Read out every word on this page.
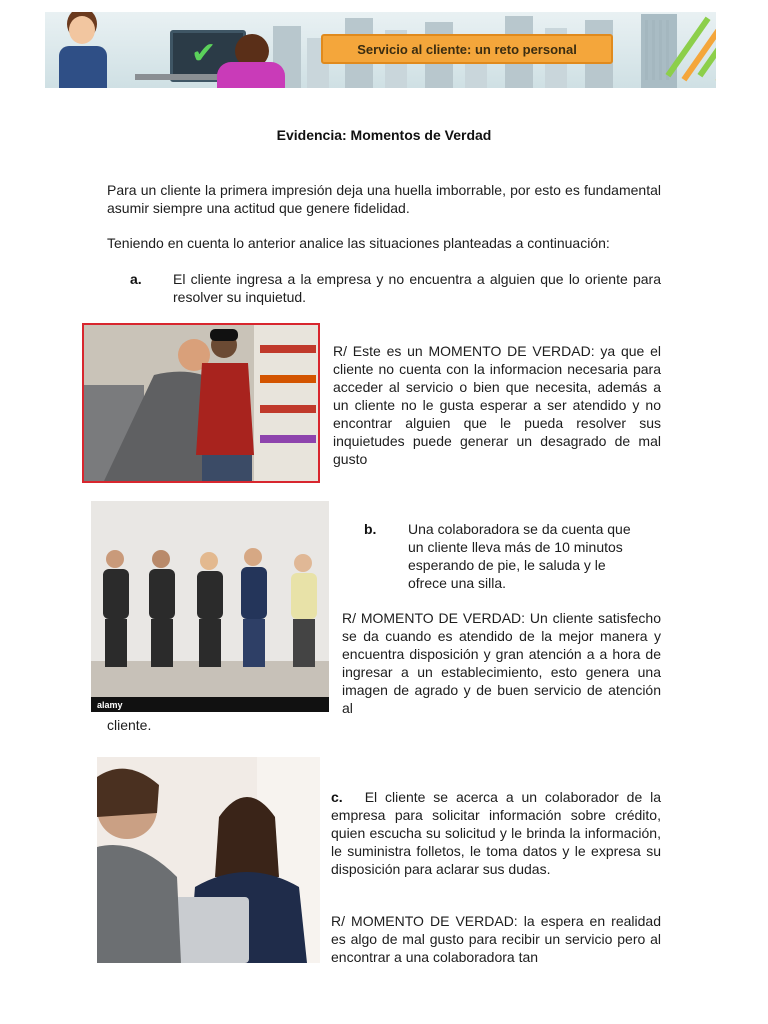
✔	Servicio al cliente: un reto personal
Evidencia: Momentos de Verdad
Para un cliente la primera impresión deja una huella imborrable, por esto es fundamental asumir siempre una actitud que genere fidelidad.
Teniendo en cuenta lo anterior analice las situaciones planteadas a continuación:
a. El cliente ingresa a la empresa y no encuentra a alguien que lo oriente para resolver su inquietud.
R/ Este es un MOMENTO DE VERDAD: ya que el cliente no cuenta con la informacion necesaria para acceder al servicio o bien que necesita, además a un cliente no le gusta esperar a ser atendido y no encontrar alguien que le pueda resolver sus inquietudes puede generar un desagrado de mal gusto
alamy
b. Una colaboradora se da cuenta que un cliente lleva más de 10 minutos esperando de pie, le saluda y le ofrece una silla.
R/ MOMENTO DE VERDAD: Un cliente satisfecho se da cuando es atendido de la mejor manera y encuentra disposición y gran atención a a hora de ingresar a un establecimiento, esto genera una imagen de agrado y de buen servicio de atención al
cliente.
c. El cliente se acerca a un colaborador de la empresa para solicitar información sobre crédito, quien escucha su solicitud y le brinda la información, le suministra folletos, le toma datos y le expresa su disposición para aclarar sus dudas.
R/ MOMENTO DE VERDAD: la espera en realidad es algo de mal gusto para recibir un servicio pero al encontrar a una colaboradora tan
